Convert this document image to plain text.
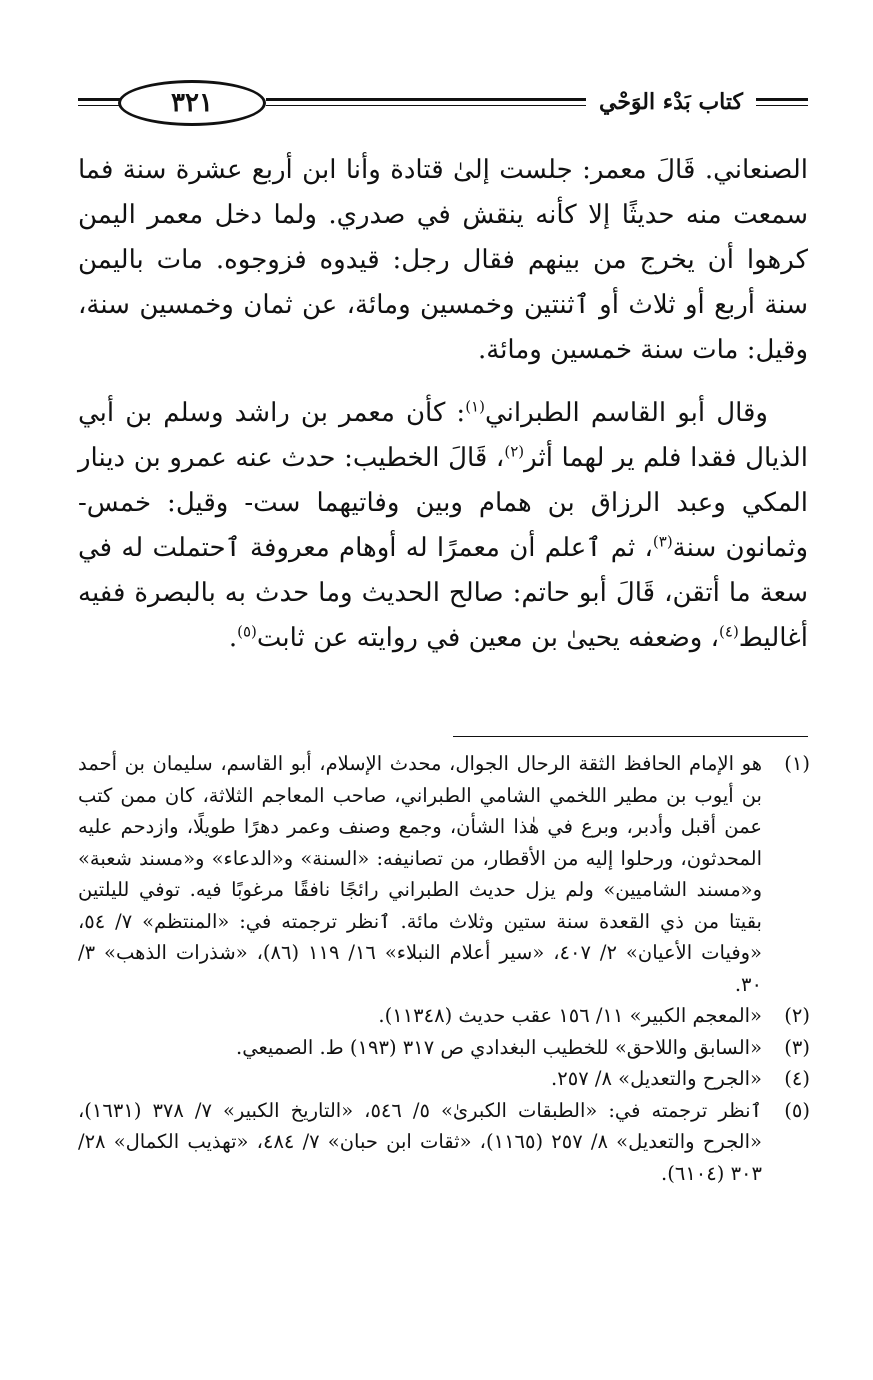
كتاب بَدْء الوَحْي
٣٢١

الصنعاني. قَالَ معمر: جلست إلىٰ قتادة وأنا ابن أربع عشرة سنة فما سمعت منه حديثًا إلا كأنه ينقش في صدري. ولما دخل معمر اليمن كرهوا أن يخرج من بينهم فقال رجل: قيدوه فزوجوه. مات باليمن سنة أربع أو ثلاث أو ٱثنتين وخمسين ومائة، عن ثمان وخمسين سنة، وقيل: مات سنة خمسين ومائة.

وقال أبو القاسم الطبراني$^{(١)}$: كأن معمر بن راشد وسلم بن أبي الذيال فقدا فلم ير لهما أثر$^{(٢)}$، قَالَ الخطيب: حدث عنه عمرو بن دينار المكي وعبد الرزاق بن همام وبين وفاتيهما ست- وقيل: خمس- وثمانون سنة$^{(٣)}$، ثم ٱعلم أن معمرًا له أوهام معروفة ٱحتملت له في سعة ما أتقن، قَالَ أبو حاتم: صالح الحديث وما حدث به بالبصرة ففيه أغاليط$^{(٤)}$، وضعفه يحيىٰ بن معين في روايته عن ثابت$^{(٥)}$.

(١)
هو الإمام الحافظ الثقة الرحال الجوال، محدث الإسلام، أبو القاسم، سليمان بن أحمد بن أيوب بن مطير اللخمي الشامي الطبراني، صاحب المعاجم الثلاثة، كان ممن كتب عمن أقبل وأدبر، وبرع في هٰذا الشأن، وجمع وصنف وعمر دهرًا طويلًا، وازدحم عليه المحدثون، ورحلوا إليه من الأقطار، من تصانيفه: «السنة» و«الدعاء» و«مسند شعبة» و«مسند الشاميين» ولم يزل حديث الطبراني رائجًا نافقًا مرغوبًا فيه. توفي لليلتين بقيتا من ذي القعدة سنة ستين وثلاث مائة. ٱنظر ترجمته في: «المنتظم» ٧/ ٥٤، «وفيات الأعيان» ٢/ ٤٠٧، «سير أعلام النبلاء» ١٦/ ١١٩ (٨٦)، «شذرات الذهب» ٣/ ٣٠.
(٢)
«المعجم الكبير» ١١/ ١٥٦ عقب حديث (١١٣٤٨).
(٣)
«السابق واللاحق» للخطيب البغدادي ص ٣١٧ (١٩٣) ط. الصميعي.
(٤)
«الجرح والتعديل» ٨/ ٢٥٧.
(٥)
ٱنظر ترجمته في: «الطبقات الكبرىٰ» ٥/ ٥٤٦، «التاريخ الكبير» ٧/ ٣٧٨ (١٦٣١)، «الجرح والتعديل» ٨/ ٢٥٧ (١١٦٥)، «ثقات ابن حبان» ٧/ ٤٨٤، «تهذيب الكمال» ٢٨/ ٣٠٣ (٦١٠٤).
